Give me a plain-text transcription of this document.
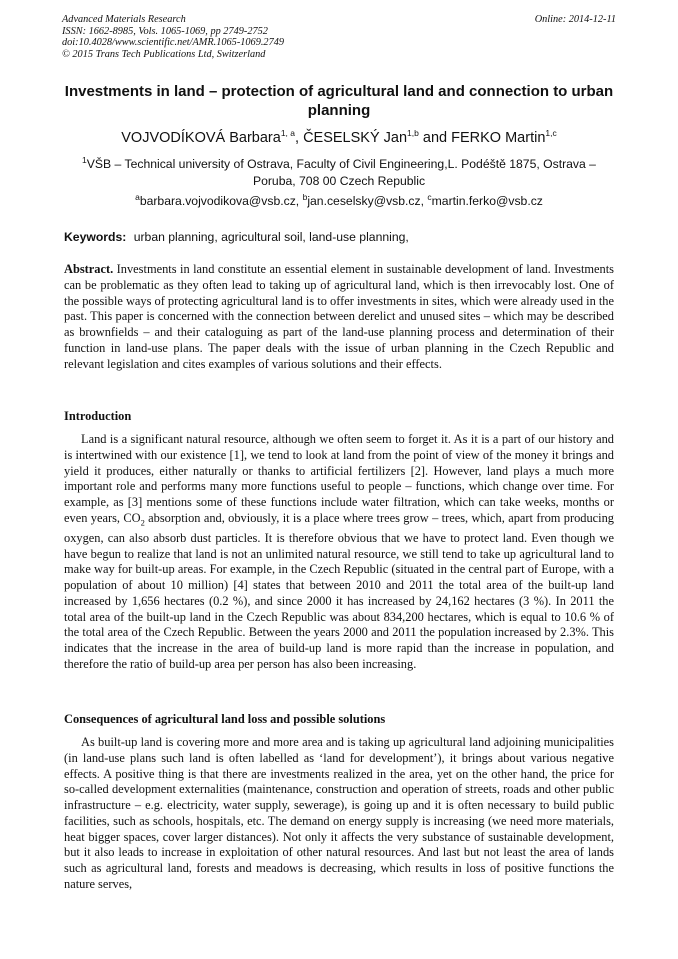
Advanced Materials Research
ISSN: 1662-8985, Vols. 1065-1069, pp 2749-2752
doi:10.4028/www.scientific.net/AMR.1065-1069.2749
© 2015 Trans Tech Publications Ltd, Switzerland
Online: 2014-12-11
Investments in land – protection of agricultural land and connection to urban planning
VOJVODÍKOVÁ Barbara$^{1, a}$, ČESELSKÝ Jan$^{1,b}$ and FERKO Martin$^{1,c}$
$^1$VŠB – Technical university of Ostrava, Faculty of Civil Engineering,L. Podéště 1875, Ostrava – Poruba, 708 00 Czech Republic
$^a$barbara.vojvodikova@vsb.cz, $^b$jan.ceselsky@vsb.cz, $^c$martin.ferko@vsb.cz
Keywords: urban planning, agricultural soil, land-use planning,
Abstract. Investments in land constitute an essential element in sustainable development of land. Investments can be problematic as they often lead to taking up of agricultural land, which is then irrevocably lost. One of the possible ways of protecting agricultural land is to offer investments in sites, which were already used in the past. This paper is concerned with the connection between derelict and unused sites – which may be described as brownfields – and their cataloguing as part of the land-use planning process and determination of their function in land-use plans. The paper deals with the issue of urban planning in the Czech Republic and relevant legislation and cites examples of various solutions and their effects.
Introduction

Land is a significant natural resource, although we often seem to forget it. As it is a part of our history and is intertwined with our existence [1], we tend to look at land from the point of view of the money it brings and yield it produces, either naturally or thanks to artificial fertilizers [2]. However, land plays a much more important role and performs many more functions useful to people – functions, which change over time. For example, as [3] mentions some of these functions include water filtration, which can take weeks, months or even years, $CO_2$ absorption and, obviously, it is a place where trees grow – trees, which, apart from producing oxygen, can also absorb dust particles. It is therefore obvious that we have to protect land. Even though we have begun to realize that land is not an unlimited natural resource, we still tend to take up agricultural land to make way for built-up areas. For example, in the Czech Republic (situated in the central part of Europe, with a population of about 10 million) [4] states that between 2010 and 2011 the total area of the built-up land increased by 1,656 hectares (0.2 %), and since 2000 it has increased by 24,162 hectares (3 %). In 2011 the total area of the built-up land in the Czech Republic was about 834,200 hectares, which is equal to 10.6 % of the total area of the Czech Republic. Between the years 2000 and 2011 the population increased by 2.3%. This indicates that the increase in the area of build-up land is more rapid than the increase in population, and therefore the ratio of build-up area per person has also been increasing.

Consequences of agricultural land loss and possible solutions

As built-up land is covering more and more area and is taking up agricultural land adjoining municipalities (in land-use plans such land is often labelled as ‘land for development’), it brings about various negative effects. A positive thing is that there are investments realized in the area, yet on the other hand, the price for so-called development externalities (maintenance, construction and operation of streets, roads and other public infrastructure – e.g. electricity, water supply, sewerage), is going up and it is often necessary to build public facilities, such as schools, hospitals, etc. The demand on energy supply is increasing (we need more materials, heat bigger spaces, cover larger distances). Not only it affects the very substance of sustainable development, but it also leads to increase in exploitation of other natural resources. And last but not least the area of lands such as agricultural land, forests and meadows is decreasing, which results in loss of positive functions the nature serves,
